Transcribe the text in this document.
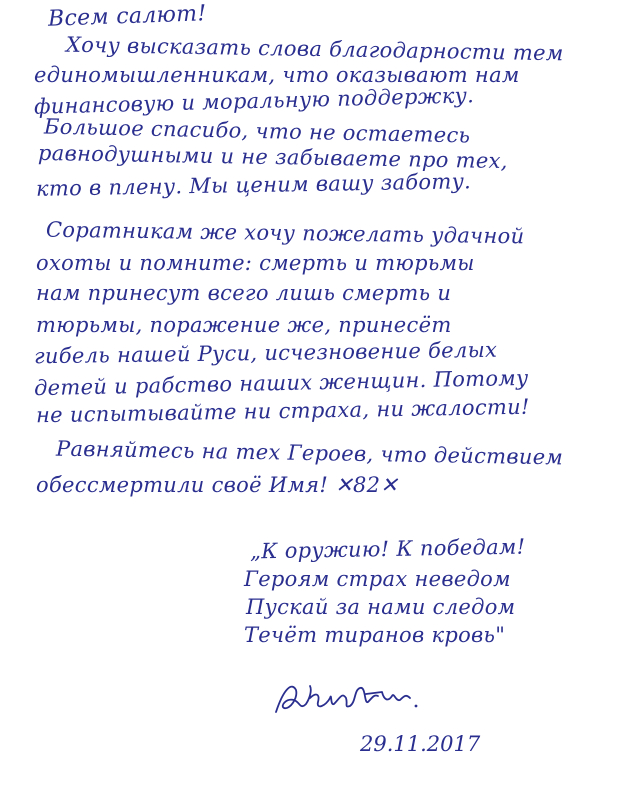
Всем салют!
Хочу высказать слова благодарности тем
единомышленникам, что оказывают нам
финансовую и моральную поддержку.
Большое спасибо, что не остаетесь
равнодушными и не забываете про тех,
кто в плену. Мы ценим вашу заботу.
Соратникам же хочу пожелать удачной
охоты и помните: смерть и тюрьмы
нам принесут всего лишь смерть и
тюрьмы, поражение же, принесёт
гибель нашей Руси, исчезновение белых
детей и рабство наших женщин. Потому
не испытывайте ни страха, ни жалости!
Равняйтесь на тех Героев, что действием
обессмертили своё Имя! ✕82✕
„К оружию! К победам!
Героям страх неведом
Пускай за нами следом
Течёт тиранов кровь"
29.11.2017
